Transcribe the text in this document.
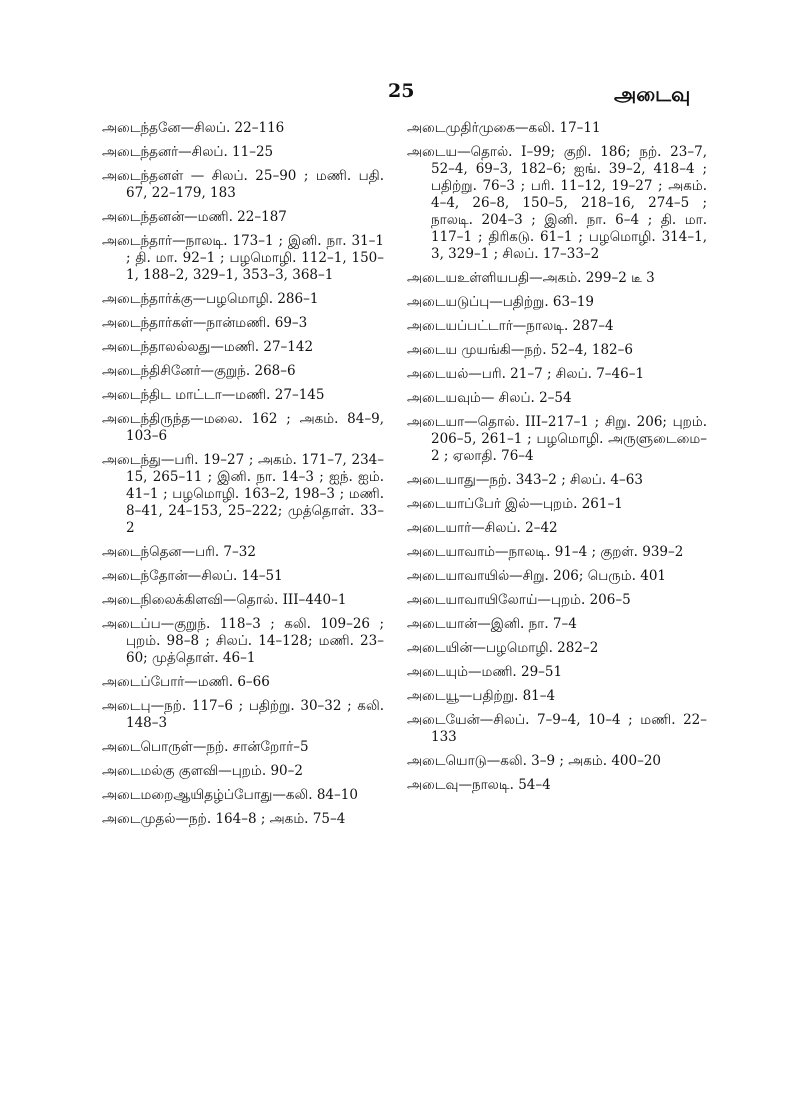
25	அடைவு
அடைந்தனே—சிலப். 22–116
அடைந்தனர்—சிலப். 11–25
அடைந்தனள் — சிலப். 25–90 ; மணி. பதி. 67, 22–179, 183
அடைந்தனன்—மணி. 22–187
அடைந்தார்—நாலடி. 173–1 ; இனி. நா. 31–1 ; தி. மா. 92–1 ; பழமொழி. 112–1, 150–1, 188–2, 329–1, 353–3, 368–1
அடைந்தார்க்கு—பழமொழி. 286–1
அடைந்தார்கள்—நான்மணி. 69–3
அடைந்தாலல்லது—மணி. 27–142
அடைந்திசினேர்—குறுந். 268–6
அடைந்திட மாட்டா—மணி. 27–145
அடைந்திருந்த—மலை. 162 ; அகம். 84–9, 103–6
அடைந்து—பரி. 19–27 ; அகம். 171–7, 234–15, 265–11 ; இனி. நா. 14–3 ; ஐந். ஐம். 41–1 ; பழமொழி. 163–2, 198–3 ; மணி. 8–41, 24–153, 25–222; முத்தொள். 33–2
அடைந்தென—பரி. 7–32
அடைந்தோன்—சிலப். 14–51
அடைநிலைக்கிளவி—தொல். III–440–1
அடைப்ப—குறுந். 118–3 ; கலி. 109–26 ; புறம். 98–8 ; சிலப். 14–128; மணி. 23–60; முத்தொள். 46–1
அடைப்போர்—மணி. 6–66
அடைபு—நற். 117–6 ; பதிற்று. 30–32 ; கலி. 148–3
அடைபொருள்—நற். சான்றோர்–5
அடைமல்கு குளவி—புறம். 90–2
அடைமறைஆயிதழ்ப்போது—கலி. 84–10
அடைமுதல்—நற். 164–8 ; அகம். 75–4
அடைமுதிர்முகை—கலி. 17–11
அடைய—தொல். I–99; குறி. 186; நற். 23–7, 52–4, 69–3, 182–6; ஐங். 39–2, 418–4 ; பதிற்று. 76–3 ; பரி. 11–12, 19–27 ; அகம். 4–4, 26–8, 150–5, 218–16, 274–5 ; நாலடி. 204–3 ; இனி. நா. 6–4 ; தி. மா. 117–1 ; திரிகடு. 61–1 ; பழமொழி. 314–1, 3, 329–1 ; சிலப். 17–33–2
அடையஉள்ளியபதி—அகம். 299–2 டீ 3
அடையடுப்பு—பதிற்று. 63–19
அடையப்பட்டார்—நாலடி. 287–4
அடைய முயங்கி—நற். 52–4, 182–6
அடையல்—பரி. 21–7 ; சிலப். 7–46–1
அடையவும்— சிலப். 2–54
அடையா—தொல். III–217–1 ; சிறு. 206; புறம். 206–5, 261–1 ; பழமொழி. அருளுடைமை–2 ; ஏலாதி. 76–4
அடையாது—நற். 343–2 ; சிலப். 4–63
அடையாப்பேர் இல்—புறம். 261–1
அடையார்—சிலப். 2–42
அடையாவாம்—நாலடி. 91–4 ; குறள். 939–2
அடையாவாயில்—சிறு. 206; பெரும். 401
அடையாவாயிலோய்—புறம். 206–5
அடையான்—இனி. நா. 7–4
அடையின்—பழமொழி. 282–2
அடையும்—மணி. 29–51
அடையூ—பதிற்று. 81–4
அடையேன்—சிலப். 7–9–4, 10–4 ; மணி. 22–133
அடையொடு—கலி. 3–9 ; அகம். 400–20
அடைவு—நாலடி. 54–4
